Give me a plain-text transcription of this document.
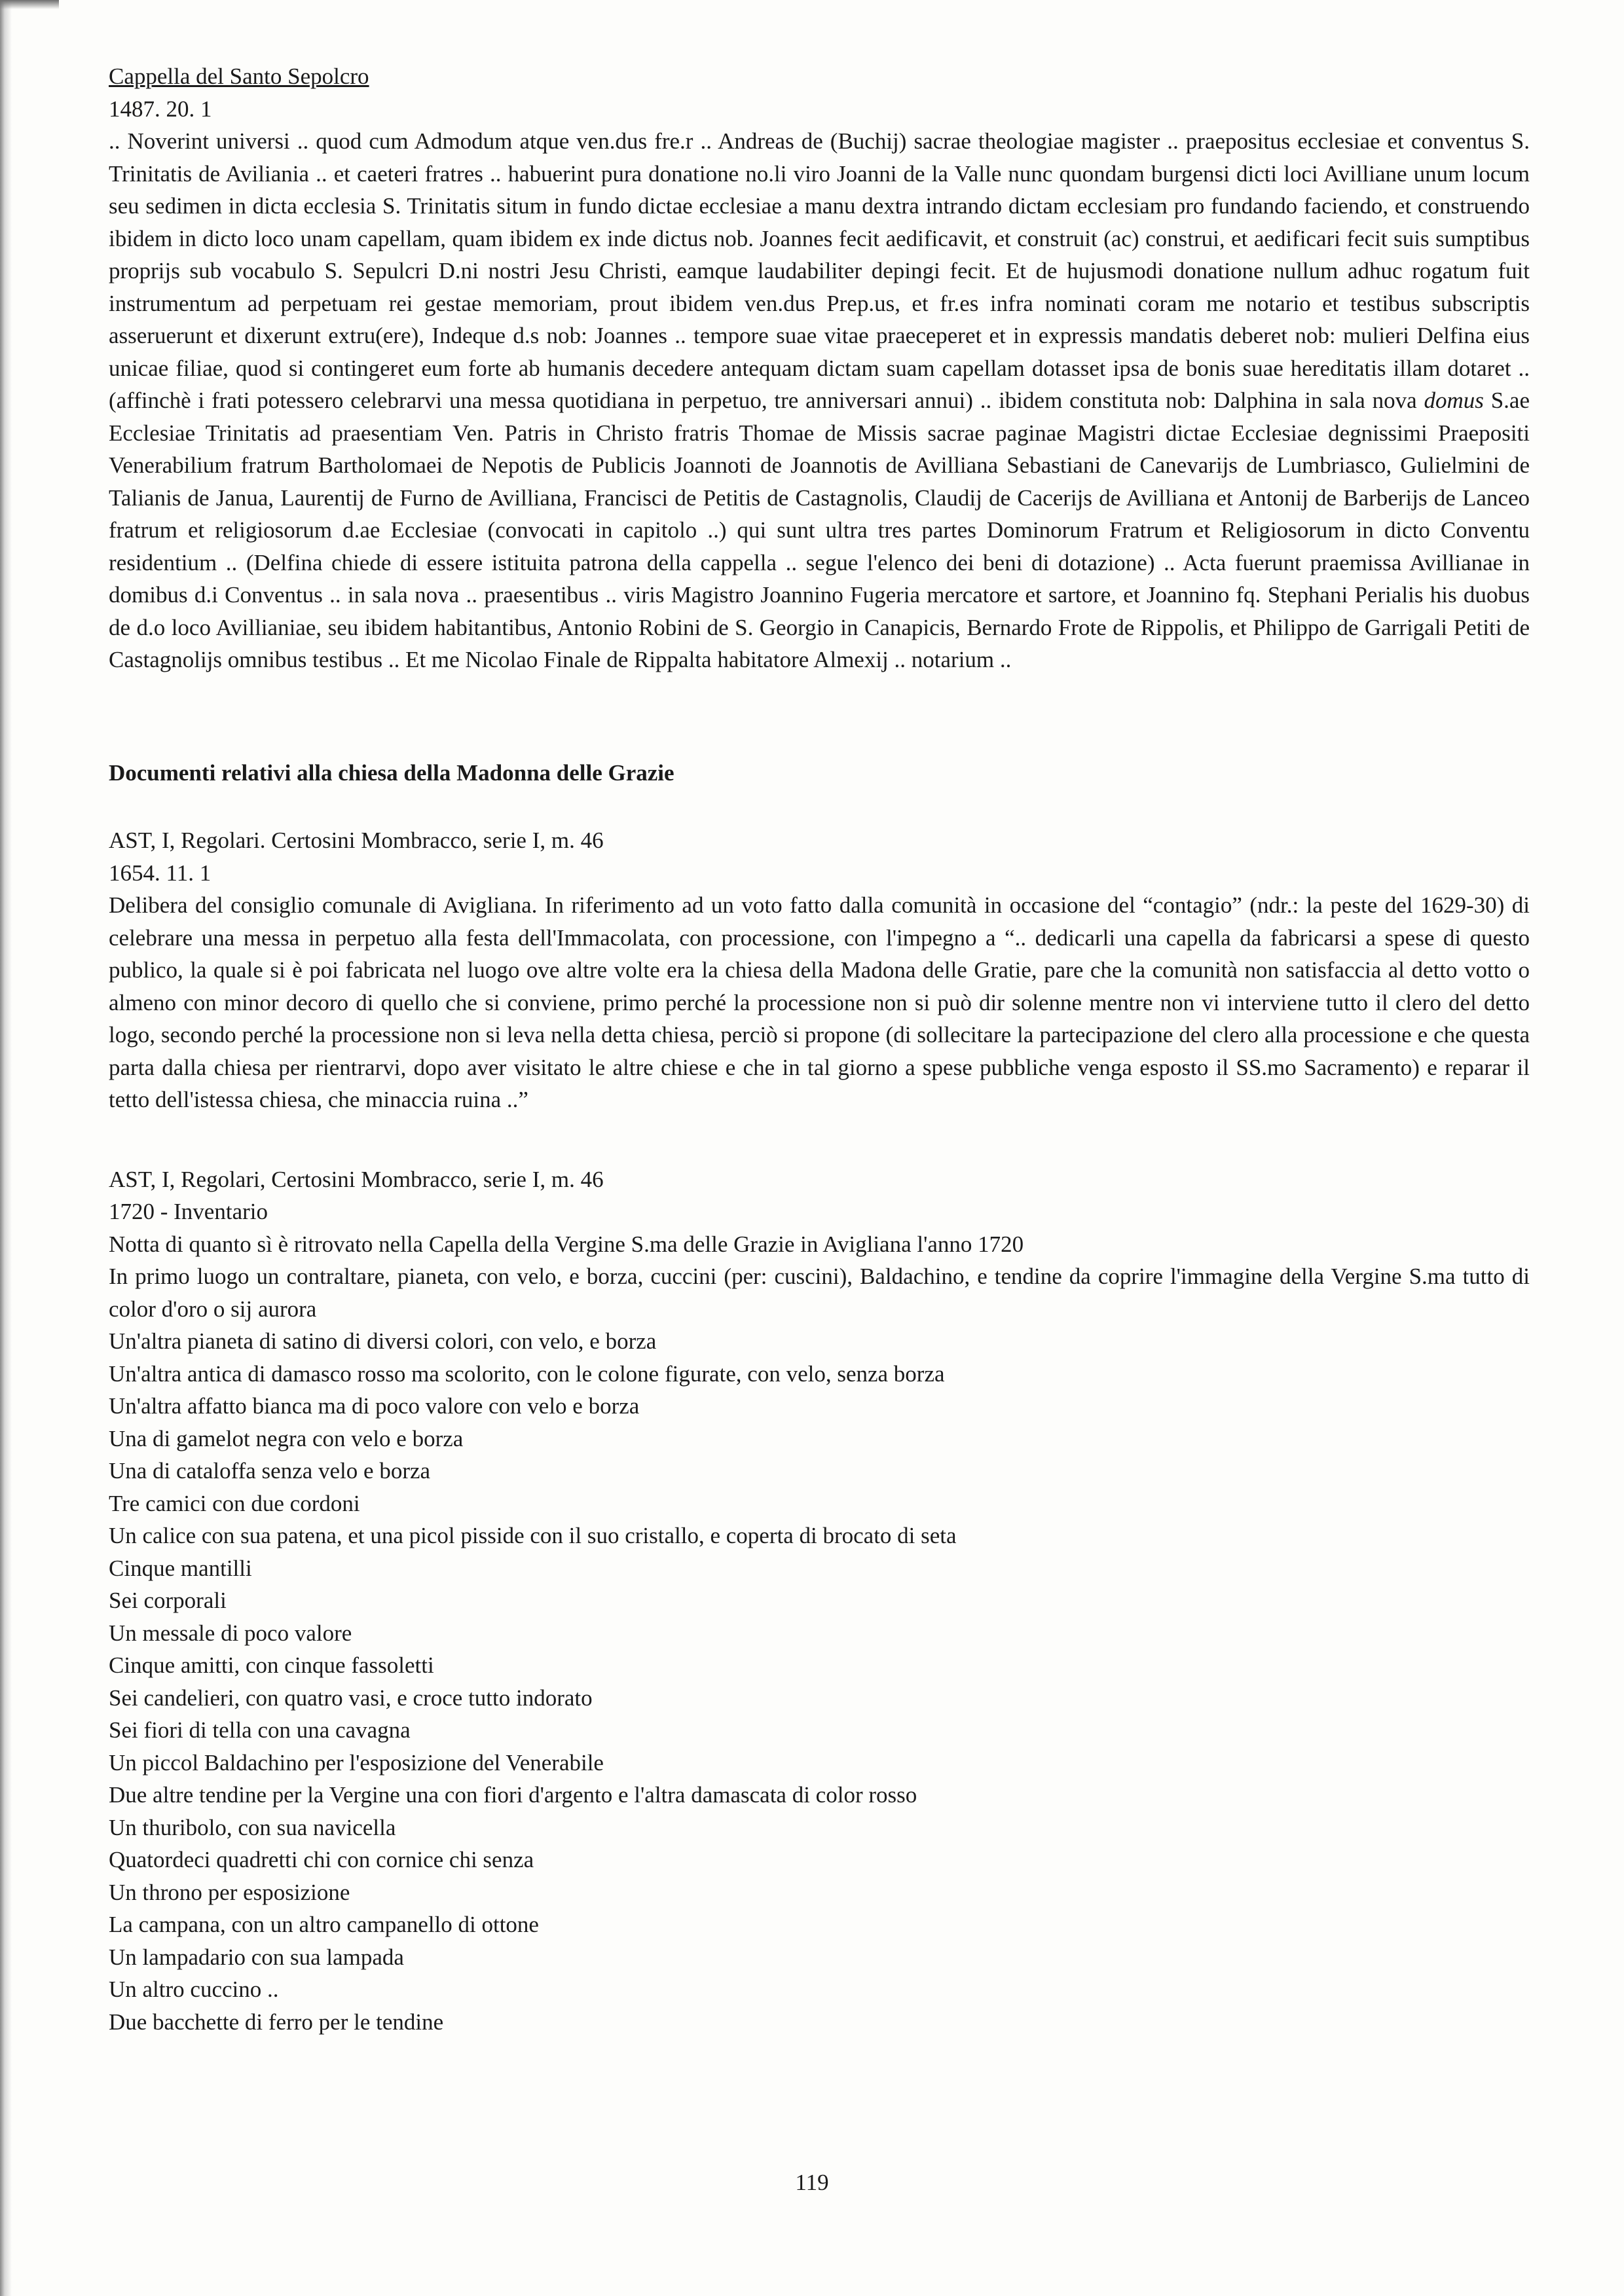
Cappella del Santo Sepolcro
1487. 20. 1

.. Noverint universi .. quod cum Admodum atque ven.dus fre.r .. Andreas de (Buchij) sacrae theologiae magister .. praepositus ecclesiae et conventus S. Trinitatis de Aviliania .. et caeteri fratres .. habuerint pura donatione no.li viro Joanni de la Valle nunc quondam burgensi dicti loci Avilliane unum locum seu sedimen in dicta ecclesia S. Trinitatis situm in fundo dictae ecclesiae a manu dextra intrando dictam ecclesiam pro fundando faciendo, et construendo ibidem in dicto loco unam capellam, quam ibidem ex inde dictus nob. Joannes fecit aedificavit, et construit (ac) construi, et aedificari fecit suis sumptibus proprijs sub vocabulo S. Sepulcri D.ni nostri Jesu Christi, eamque laudabiliter depingi fecit. Et de hujusmodi donatione nullum adhuc rogatum fuit instrumentum ad perpetuam rei gestae memoriam, prout ibidem ven.dus Prep.us, et fr.es infra nominati coram me notario et testibus subscriptis asseruerunt et dixerunt extru(ere), Indeque d.s nob: Joannes .. tempore suae vitae praeceperet et in expressis mandatis deberet nob: mulieri Delfina eius unicae filiae, quod si contingeret eum forte ab humanis decedere antequam dictam suam capellam dotasset ipsa de bonis suae hereditatis illam dotaret .. (affinchè i frati potessero celebrarvi una messa quotidiana in perpetuo, tre anniversari annui) .. ibidem constituta nob: Dalphina in sala nova domus S.ae Ecclesiae Trinitatis ad praesentiam Ven. Patris in Christo fratris Thomae de Missis sacrae paginae Magistri dictae Ecclesiae degnissimi Praepositi Venerabilium fratrum Bartholomaei de Nepotis de Publicis Joannoti de Joannotis de Avilliana Sebastiani de Canevarijs de Lumbriasco, Gulielmini de Talianis de Janua, Laurentij de Furno de Avilliana, Francisci de Petitis de Castagnolis, Claudij de Cacerijs de Avilliana et Antonij de Barberijs de Lanceo fratrum et religiosorum d.ae Ecclesiae (convocati in capitolo ..) qui sunt ultra tres partes Dominorum Fratrum et Religiosorum in dicto Conventu residentium .. (Delfina chiede di essere istituita patrona della cappella .. segue l'elenco dei beni di dotazione) .. Acta fuerunt praemissa Avillianae in domibus d.i Conventus .. in sala nova .. praesentibus .. viris Magistro Joannino Fugeria mercatore et sartore, et Joannino fq. Stephani Perialis his duobus de d.o loco Avillianiae, seu ibidem habitantibus, Antonio Robini de S. Georgio in Canapicis, Bernardo Frote de Rippolis, et Philippo de Garrigali Petiti de Castagnolijs omnibus testibus .. Et me Nicolao Finale de Rippalta habitatore Almexij .. notarium ..

Documenti relativi alla chiesa della Madonna delle Grazie
AST, I, Regolari. Certosini Mombracco, serie I, m. 46
1654. 11. 1

Delibera del consiglio comunale di Avigliana. In riferimento ad un voto fatto dalla comunità in occasione del “contagio” (ndr.: la peste del 1629-30) di celebrare una messa in perpetuo alla festa dell'Immacolata, con processione, con l'impegno a “.. dedicarli una capella da fabricarsi a spese di questo publico, la quale si è poi fabricata nel luogo ove altre volte era la chiesa della Madona delle Gratie, pare che la comunità non satisfaccia al detto votto o almeno con minor decoro di quello che si conviene, primo perché la processione non si può dir solenne mentre non vi interviene tutto il clero del detto logo, secondo perché la processione non si leva nella detta chiesa, perciò si propone (di sollecitare la partecipazione del clero alla processione e che questa parta dalla chiesa per rientrarvi, dopo aver visitato le altre chiese e che in tal giorno a spese pubbliche venga esposto il SS.mo Sacramento) e reparar il tetto dell'istessa chiesa, che minaccia ruina ..”

AST, I, Regolari, Certosini Mombracco, serie I, m. 46
1720 - Inventario
Notta di quanto sì è ritrovato nella Capella della Vergine S.ma delle Grazie in Avigliana l'anno 1720

In primo luogo un contraltare, pianeta, con velo, e borza, cuccini (per: cuscini), Baldachino, e tendine da coprire l'immagine della Vergine S.ma tutto di color d'oro o sij aurora

Un'altra pianeta di satino di diversi colori, con velo, e borza
Un'altra antica di damasco rosso ma scolorito, con le colone figurate, con velo, senza borza
Un'altra affatto bianca ma di poco valore con velo e borza
Una di gamelot negra con velo e borza
Una di cataloffa senza velo e borza
Tre camici con due cordoni
Un calice con sua patena, et una picol pisside con il suo cristallo, e coperta di brocato di seta
Cinque mantilli
Sei corporali
Un messale di poco valore
Cinque amitti, con cinque fassoletti
Sei candelieri, con quatro vasi, e croce tutto indorato
Sei fiori di tella con una cavagna
Un piccol Baldachino per l'esposizione del Venerabile
Due altre tendine per la Vergine una con fiori d'argento e l'altra damascata di color rosso
Un thuribolo, con sua navicella
Quatordeci quadretti chi con cornice chi senza
Un throno per esposizione
La campana, con un altro campanello di ottone
Un lampadario con sua lampada
Un altro cuccino ..
Due bacchette di ferro per le tendine
119
